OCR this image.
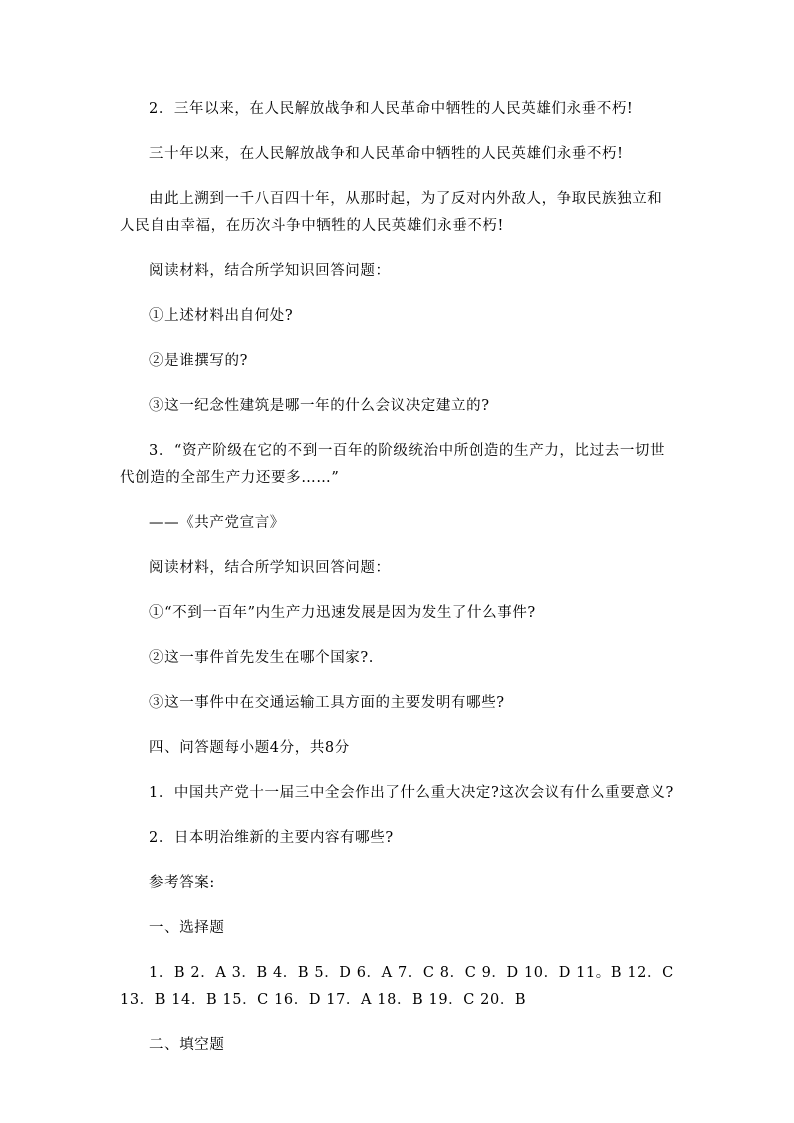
2．三年以来，在人民解放战争和人民革命中牺牲的人民英雄们永垂不朽!

三十年以来，在人民解放战争和人民革命中牺牲的人民英雄们永垂不朽!

由此上溯到一千八百四十年，从那时起，为了反对内外敌人，争取民族独立和人民自由幸福，在历次斗争中牺牲的人民英雄们永垂不朽!

阅读材料，结合所学知识回答问题：

①上述材料出自何处?

②是谁撰写的?

③这一纪念性建筑是哪一年的什么会议决定建立的?

3．“资产阶级在它的不到一百年的阶级统治中所创造的生产力，比过去一切世代创造的全部生产力还要多……”

——《共产党宣言》

阅读材料，结合所学知识回答问题：

①“不到一百年”内生产力迅速发展是因为发生了什么事件?

②这一事件首先发生在哪个国家?.

③这一事件中在交通运输工具方面的主要发明有哪些?

四、问答题每小题4分，共8分

1．中国共产党十一届三中全会作出了什么重大决定?这次会议有什么重要意义?

2．日本明治维新的主要内容有哪些?

参考答案:

一、选择题

1．B 2．A 3．B 4．B 5．D 6．A 7．C 8．C 9．D 10．D 11。B 12．C 13．B 14．B 15．C 16．D 17．A 18．B 19．C 20．B

二、填空题
